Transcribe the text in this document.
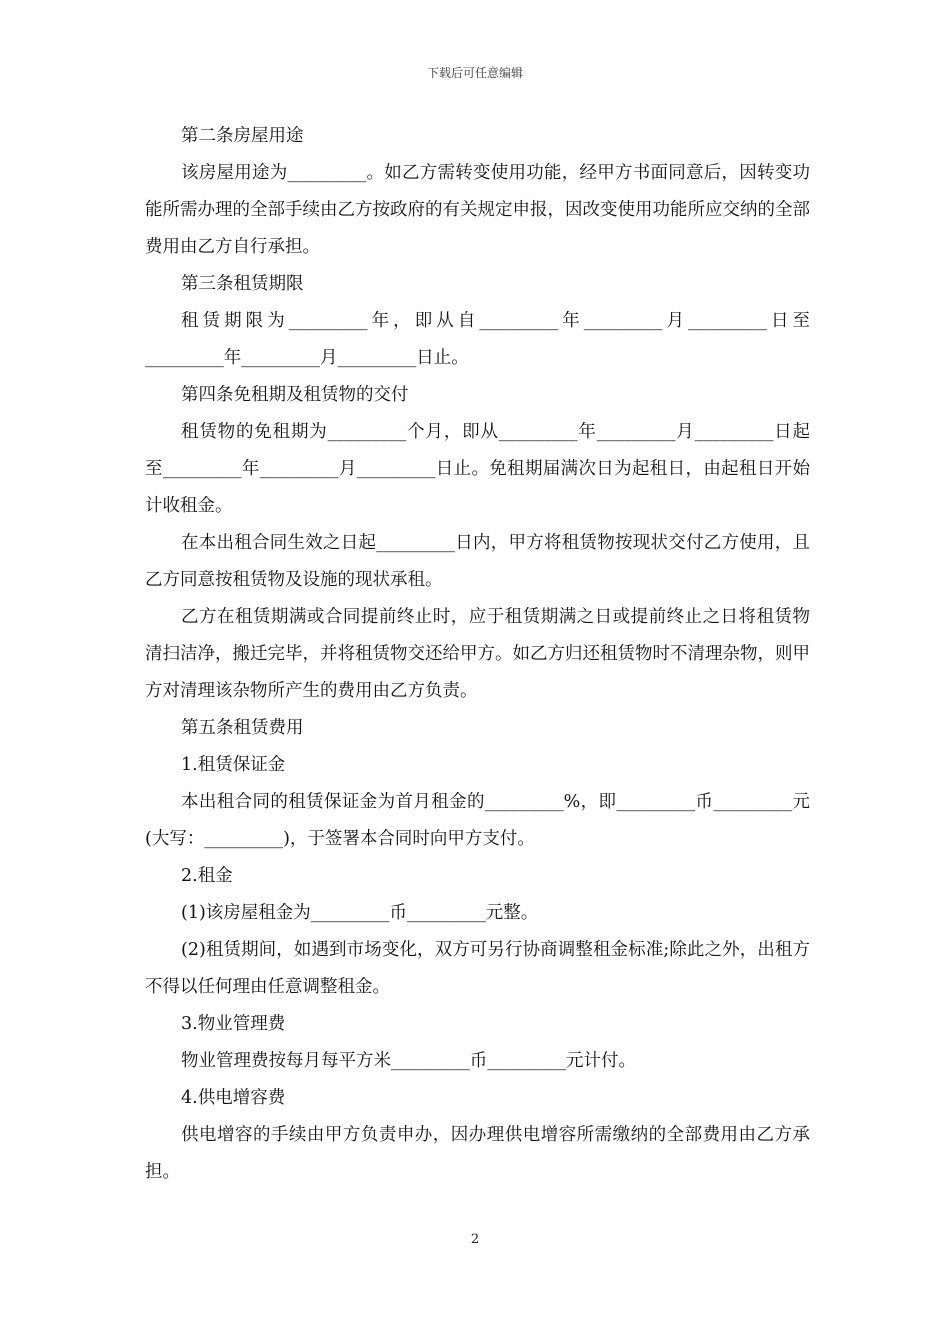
下载后可任意编辑

第二条房屋用途

该房屋用途为_________。如乙方需转变使用功能，经甲方书面同意后，因转变功能所需办理的全部手续由乙方按政府的有关规定申报，因改变使用功能所应交纳的全部费用由乙方自行承担。

第三条租赁期限

租赁期限为_________年，即从自_________年_________月_________日至_________年_________月_________日止。

第四条免租期及租赁物的交付

租赁物的免租期为_________个月，即从_________年_________月_________日起至_________年_________月_________日止。免租期届满次日为起租日，由起租日开始计收租金。

在本出租合同生效之日起_________日内，甲方将租赁物按现状交付乙方使用，且乙方同意按租赁物及设施的现状承租。

乙方在租赁期满或合同提前终止时，应于租赁期满之日或提前终止之日将租赁物清扫洁净，搬迁完毕，并将租赁物交还给甲方。如乙方归还租赁物时不清理杂物，则甲方对清理该杂物所产生的费用由乙方负责。

第五条租赁费用

1.租赁保证金

本出租合同的租赁保证金为首月租金的_________%，即_________币_________元(大写：_________)，于签署本合同时向甲方支付。

2.租金

(1)该房屋租金为_________币_________元整。

(2)租赁期间，如遇到市场变化，双方可另行协商调整租金标准;除此之外，出租方不得以任何理由任意调整租金。

3.物业管理费

物业管理费按每月每平方米_________币_________元计付。

4.供电增容费

供电增容的手续由甲方负责申办，因办理供电增容所需缴纳的全部费用由乙方承担。

2
